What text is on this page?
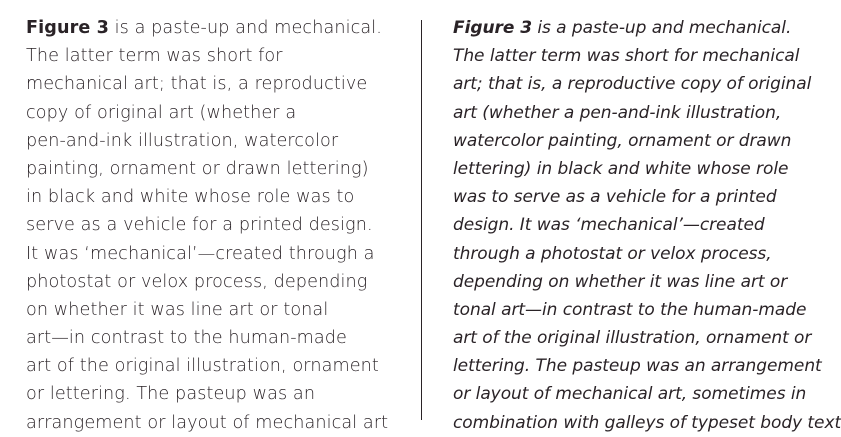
Figure 3 is a paste-up and mechanical.
The latter term was short for
mechanical art; that is, a reproductive
copy of original art (whether a
pen-and-ink illustration, watercolor
painting, ornament or drawn lettering)
in black and white whose role was to
serve as a vehicle for a printed design.
It was ‘mechanical’—created through a
photostat or velox process, depending
on whether it was line art or tonal
art—in contrast to the human-made
art of the original illustration, ornament
or lettering. The pasteup was an
arrangement or layout of mechanical art
Figure 3 is a paste-up and mechanical.
The latter term was short for mechanical
art; that is, a reproductive copy of original
art (whether a pen-and-ink illustration,
watercolor painting, ornament or drawn
lettering) in black and white whose role
was to serve as a vehicle for a printed
design. It was ‘mechanical’—created
through a photostat or velox process,
depending on whether it was line art or
tonal art—in contrast to the human-made
art of the original illustration, ornament or
lettering. The pasteup was an arrangement
or layout of mechanical art, sometimes in
combination with galleys of typeset body text
